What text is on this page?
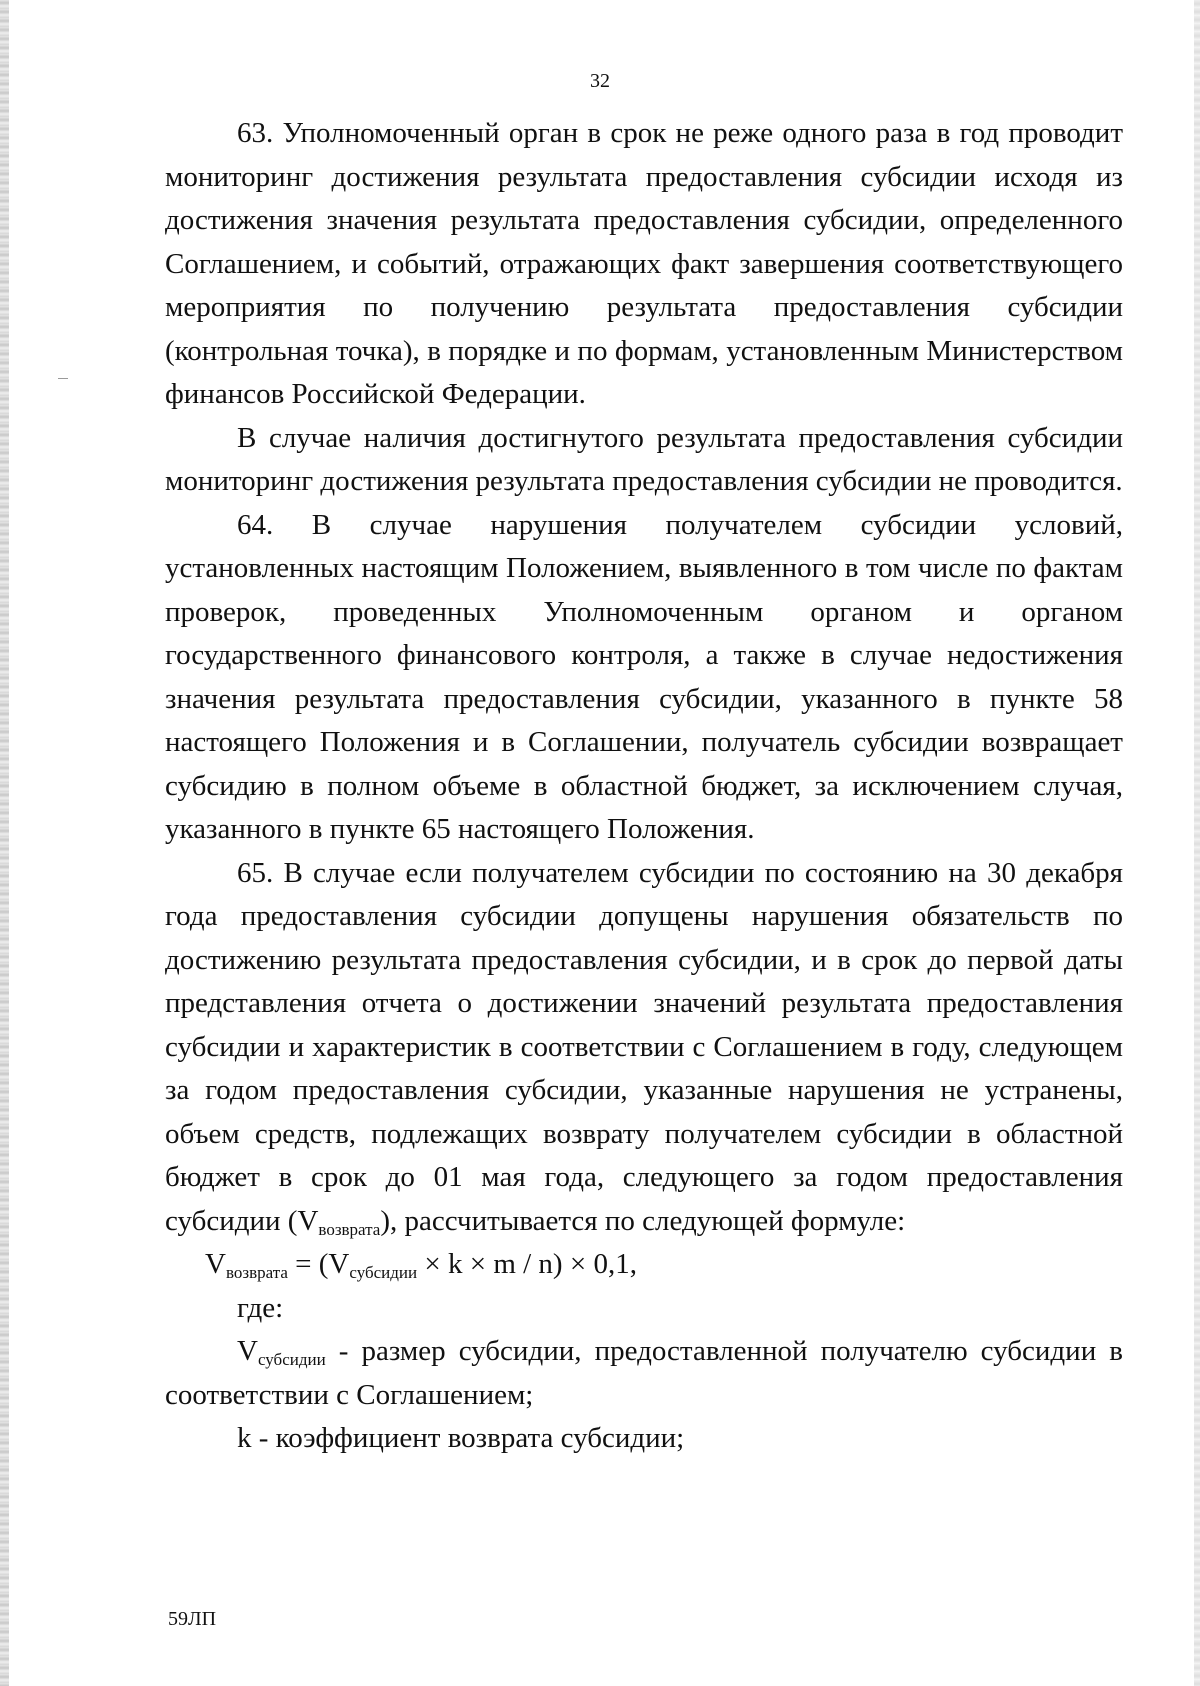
32

63. Уполномоченный орган в срок не реже одного раза в год проводит мониторинг достижения результата предоставления субсидии исходя из достижения значения результата предоставления субсидии, определенного Соглашением, и событий, отражающих факт завершения соответствующего мероприятия по получению результата предоставления субсидии (контрольная точка), в порядке и по формам, установленным Министерством финансов Российской Федерации.

В случае наличия достигнутого результата предоставления субсидии мониторинг достижения результата предоставления субсидии не проводится.

64. В случае нарушения получателем субсидии условий, установленных настоящим Положением, выявленного в том числе по фактам проверок, проведенных Уполномоченным органом и органом государственного финансового контроля, а также в случае недостижения значения результата предоставления субсидии, указанного в пункте 58 настоящего Положения и в Соглашении, получатель субсидии возвращает субсидию в полном объеме в областной бюджет, за исключением случая, указанного в пункте 65 настоящего Положения.

65. В случае если получателем субсидии по состоянию на 30 декабря года предоставления субсидии допущены нарушения обязательств по достижению результата предоставления субсидии, и в срок до первой даты представления отчета о достижении значений результата предоставления субсидии и характеристик в соответствии с Соглашением в году, следующем за годом предоставления субсидии, указанные нарушения не устранены, объем средств, подлежащих возврату получателем субсидии в областной бюджет в срок до 01 мая года, следующего за годом предоставления субсидии $(V_{возврата})$, рассчитывается по следующей формуле:

$V_{возврата} = (V_{субсидии} \times k \times m / n) \times 0,1$,

где:

$V_{субсидии}$ - размер субсидии, предоставленной получателю субсидии в соответствии с Соглашением;

k - коэффициент возврата субсидии;

59ЛП
